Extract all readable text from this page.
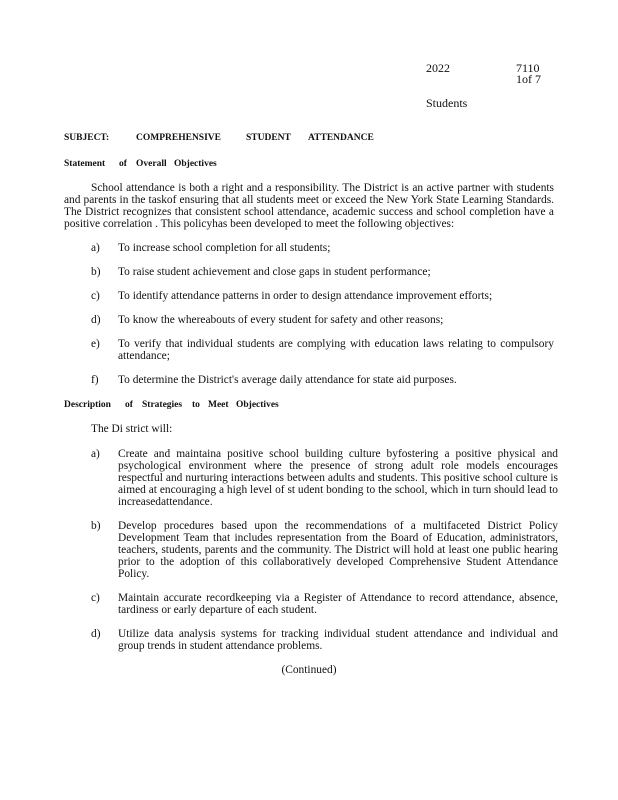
2022	7110
1of 7
Students
SUBJECT:	COMPREHENSIVE	STUDENT ATTENDANCE
Statement of Overall Objectives
School attendance is both a right and a responsibility. The District is an active partner with students and parents in the taskof ensuring that all students meet or exceed the New York State Learning Standards. The District recognizes that consistent school attendance, academic success and school completion have a positive correlation . This policyhas been developed to meet the following objectives:
a)	To increase school completion for all students;
b)	To raise student achievement and close gaps in student performance;
c)	To identify attendance patterns in order to design attendance improvement efforts;
d)	To know the whereabouts of every student for safety and other reasons;
e)	To verify that individual students are complying with education laws relating to compulsory attendance;
f)	To determine the District's average daily attendance for state aid purposes.
Description of Strategies to Meet Objectives
The Di strict will:
a)	Create and maintaina positive school building culture byfostering a positive physical and psychological environment where the presence of strong adult role models encourages respectful and nurturing interactions between adults and students. This positive school culture is aimed at encouraging a high level of st udent bonding to the school, which in turn should lead to increasedattendance.
b)	Develop procedures based upon the recommendations of a multifaceted District Policy Development Team that includes representation from the Board of Education, administrators, teachers, students, parents and the community. The District will hold at least one public hearing prior to the adoption of this collaboratively developed Comprehensive Student Attendance Policy.
c)	Maintain accurate recordkeeping via a Register of Attendance to record attendance, absence, tardiness or early departure of each student.
d)	Utilize data analysis systems for tracking individual student attendance and individual and group trends in student attendance problems.
(Continued)
